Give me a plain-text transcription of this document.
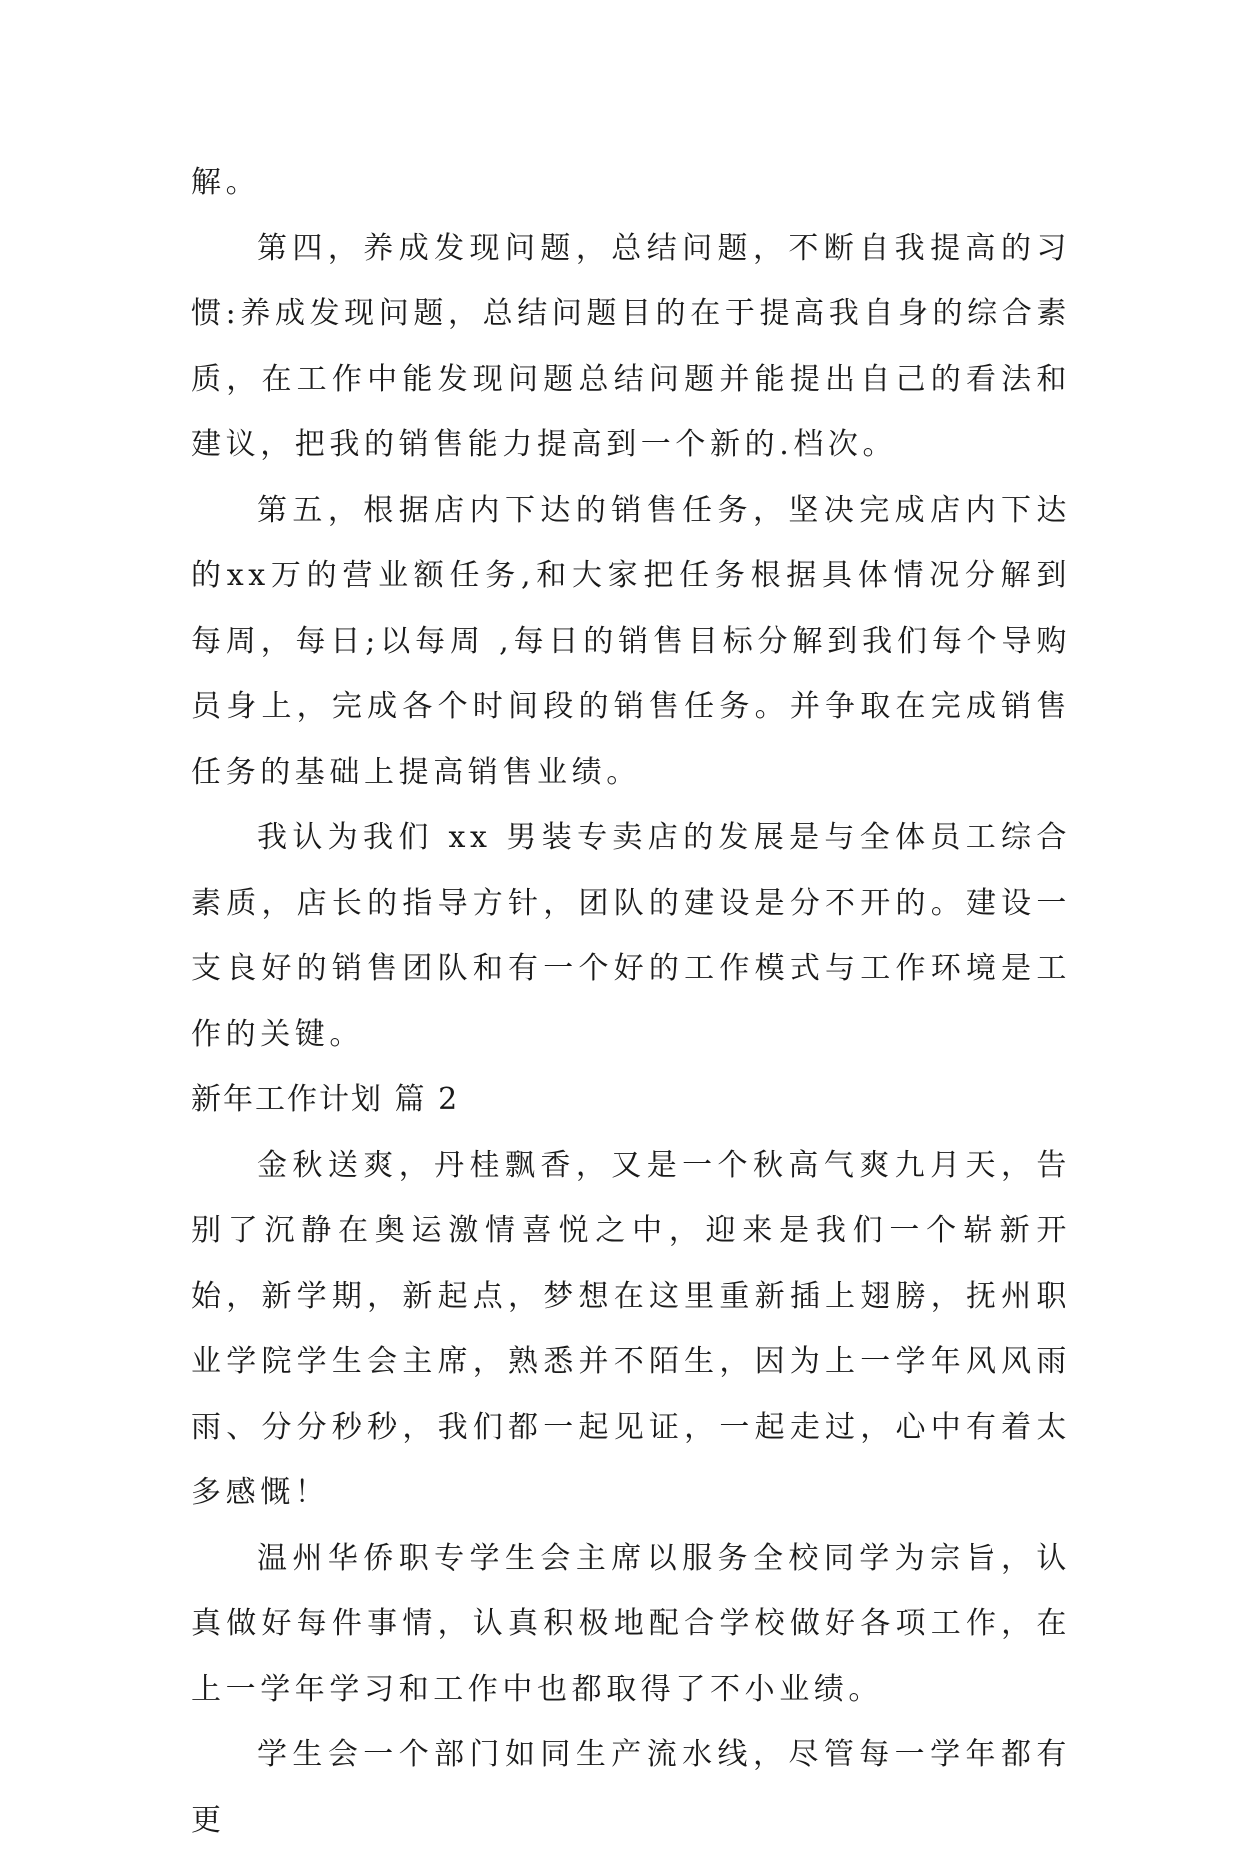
解。

第四，养成发现问题，总结问题，不断自我提高的习惯:养成发现问题，总结问题目的在于提高我自身的综合素质，在工作中能发现问题总结问题并能提出自己的看法和建议，把我的销售能力提高到一个新的.档次。

第五，根据店内下达的销售任务，坚决完成店内下达的xx万的营业额任务,和大家把任务根据具体情况分解到每周，每日;以每周 ,每日的销售目标分解到我们每个导购员身上，完成各个时间段的销售任务。并争取在完成销售任务的基础上提高销售业绩。

我认为我们 xx 男装专卖店的发展是与全体员工综合素质，店长的指导方针，团队的建设是分不开的。建设一支良好的销售团队和有一个好的工作模式与工作环境是工作的关键。

新年工作计划 篇 2

金秋送爽，丹桂飘香，又是一个秋高气爽九月天，告别了沉静在奥运激情喜悦之中，迎来是我们一个崭新开始，新学期，新起点，梦想在这里重新插上翅膀，抚州职业学院学生会主席，熟悉并不陌生，因为上一学年风风雨雨、分分秒秒，我们都一起见证，一起走过，心中有着太多感慨！

温州华侨职专学生会主席以服务全校同学为宗旨，认真做好每件事情，认真积极地配合学校做好各项工作，在上一学年学习和工作中也都取得了不小业绩。

学生会一个部门如同生产流水线，尽管每一学年都有更
